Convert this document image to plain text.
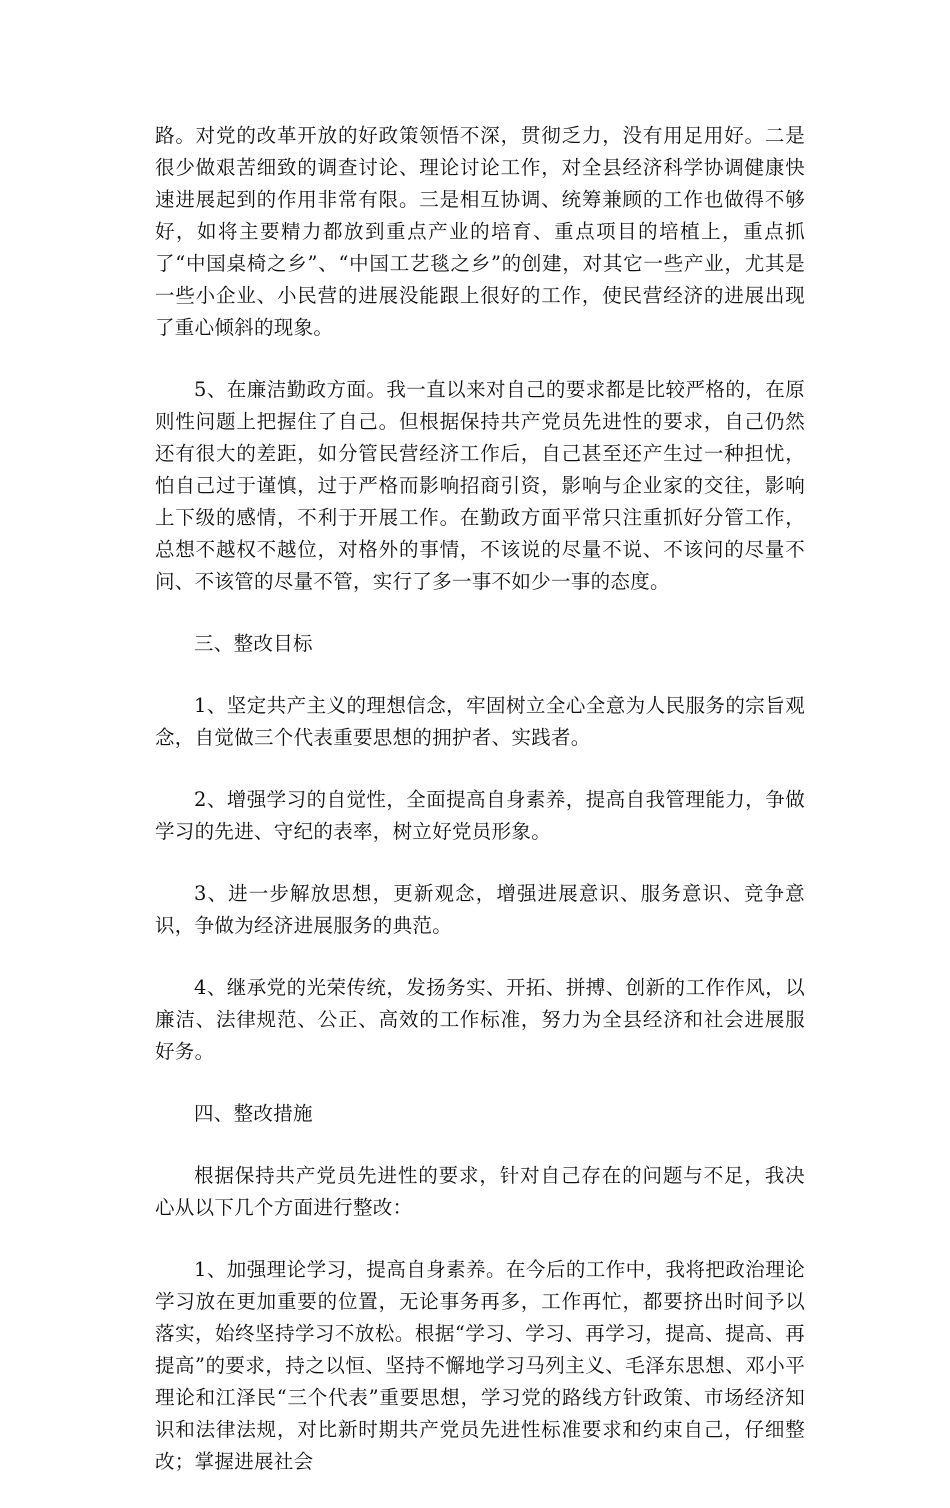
路。对党的改革开放的好政策领悟不深，贯彻乏力，没有用足用好。二是很少做艰苦细致的调查讨论、理论讨论工作，对全县经济科学协调健康快速进展起到的作用非常有限。三是相互协调、统筹兼顾的工作也做得不够好，如将主要精力都放到重点产业的培育、重点项目的培植上，重点抓了“中国桌椅之乡”、“中国工艺毯之乡”的创建，对其它一些产业，尤其是一些小企业、小民营的进展没能跟上很好的工作，使民营经济的进展出现了重心倾斜的现象。

5、在廉洁勤政方面。我一直以来对自己的要求都是比较严格的，在原则性问题上把握住了自己。但根据保持共产党员先进性的要求，自己仍然还有很大的差距，如分管民营经济工作后，自己甚至还产生过一种担忧，怕自己过于谨慎，过于严格而影响招商引资，影响与企业家的交往，影响上下级的感情，不利于开展工作。在勤政方面平常只注重抓好分管工作，总想不越权不越位，对格外的事情，不该说的尽量不说、不该问的尽量不问、不该管的尽量不管，实行了多一事不如少一事的态度。

三、整改目标

1、坚定共产主义的理想信念，牢固树立全心全意为人民服务的宗旨观念，自觉做三个代表重要思想的拥护者、实践者。

2、增强学习的自觉性，全面提高自身素养，提高自我管理能力，争做学习的先进、守纪的表率，树立好党员形象。

3、进一步解放思想，更新观念，增强进展意识、服务意识、竞争意识，争做为经济进展服务的典范。

4、继承党的光荣传统，发扬务实、开拓、拼搏、创新的工作作风，以廉洁、法律规范、公正、高效的工作标准，努力为全县经济和社会进展服好务。

四、整改措施

根据保持共产党员先进性的要求，针对自己存在的问题与不足，我决心从以下几个方面进行整改：

1、加强理论学习，提高自身素养。在今后的工作中，我将把政治理论学习放在更加重要的位置，无论事务再多，工作再忙，都要挤出时间予以落实，始终坚持学习不放松。根据“学习、学习、再学习，提高、提高、再提高”的要求，持之以恒、坚持不懈地学习马列主义、毛泽东思想、邓小平理论和江泽民“三个代表”重要思想，学习党的路线方针政策、市场经济知识和法律法规，对比新时期共产党员先进性标准要求和约束自己，仔细整改；掌握进展社会
